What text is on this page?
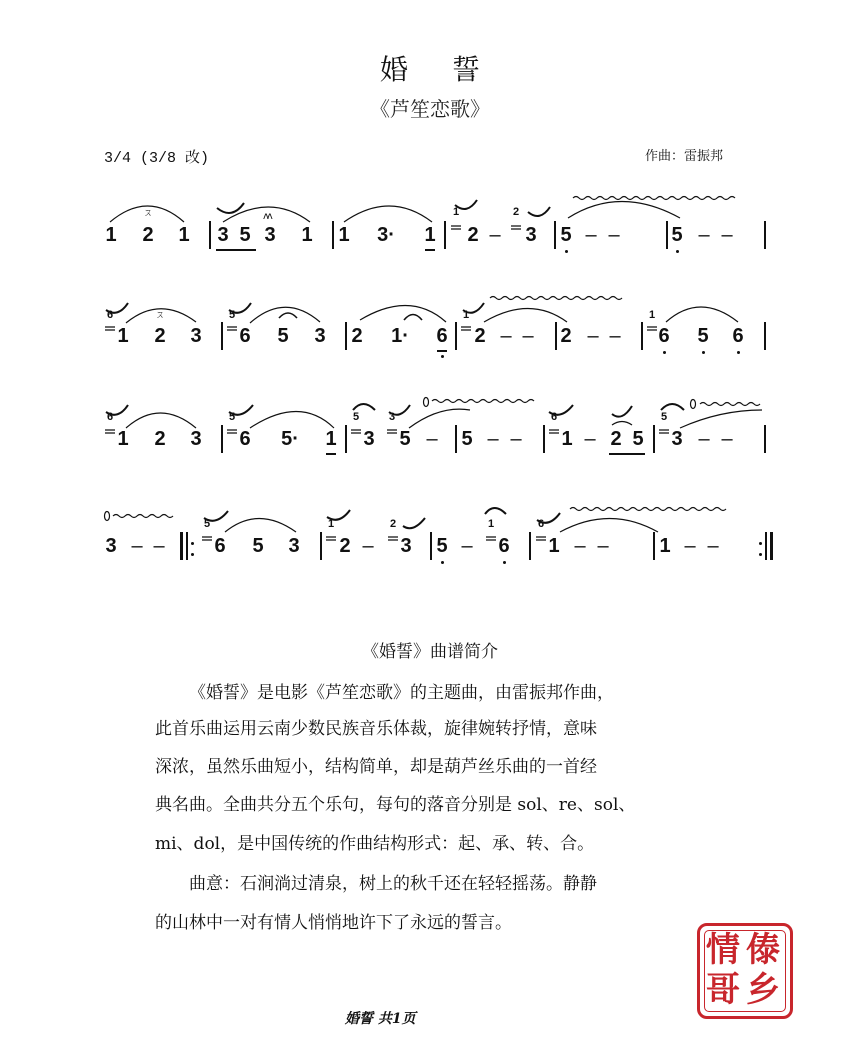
婚誓
《芦笙恋歌》
3/4 (3/8 改)	作曲：雷振邦
1 2 1
ㄡ
3 5 3 1
ʌʌ
1 3· 1
1
2 –
2
3 5 – –	5 – –
6
1 2
ㄡ
3
5
6 5 3 2 1· 6
1
2 – – 2 – –
1
6 5 6
6
1 2 3
5
6 5· 1
5
3
3
5 – 5 – –
6
1 – 2 5
5
3 – –
3 – –
5
6 5 3
1
2 –
2
3 5 –
1
6
6
1 – –	1 – –
《婚誓》曲谱简介
《婚誓》是电影《芦笙恋歌》的主题曲，由雷振邦作曲，
此首乐曲运用云南少数民族音乐体裁，旋律婉转抒情，意味
深浓，虽然乐曲短小，结构简单，却是葫芦丝乐曲的一首经
典名曲。全曲共分五个乐句，每句的落音分别是 sol、re、sol、
mi、dol，是中国传统的作曲结构形式：起、承、转、合。
曲意：石涧淌过清泉，树上的秋千还在轻轻摇荡。静静
的山林中一对有情人悄悄地许下了永远的誓言。
情 傣
哥 乡
婚誓 共1页
